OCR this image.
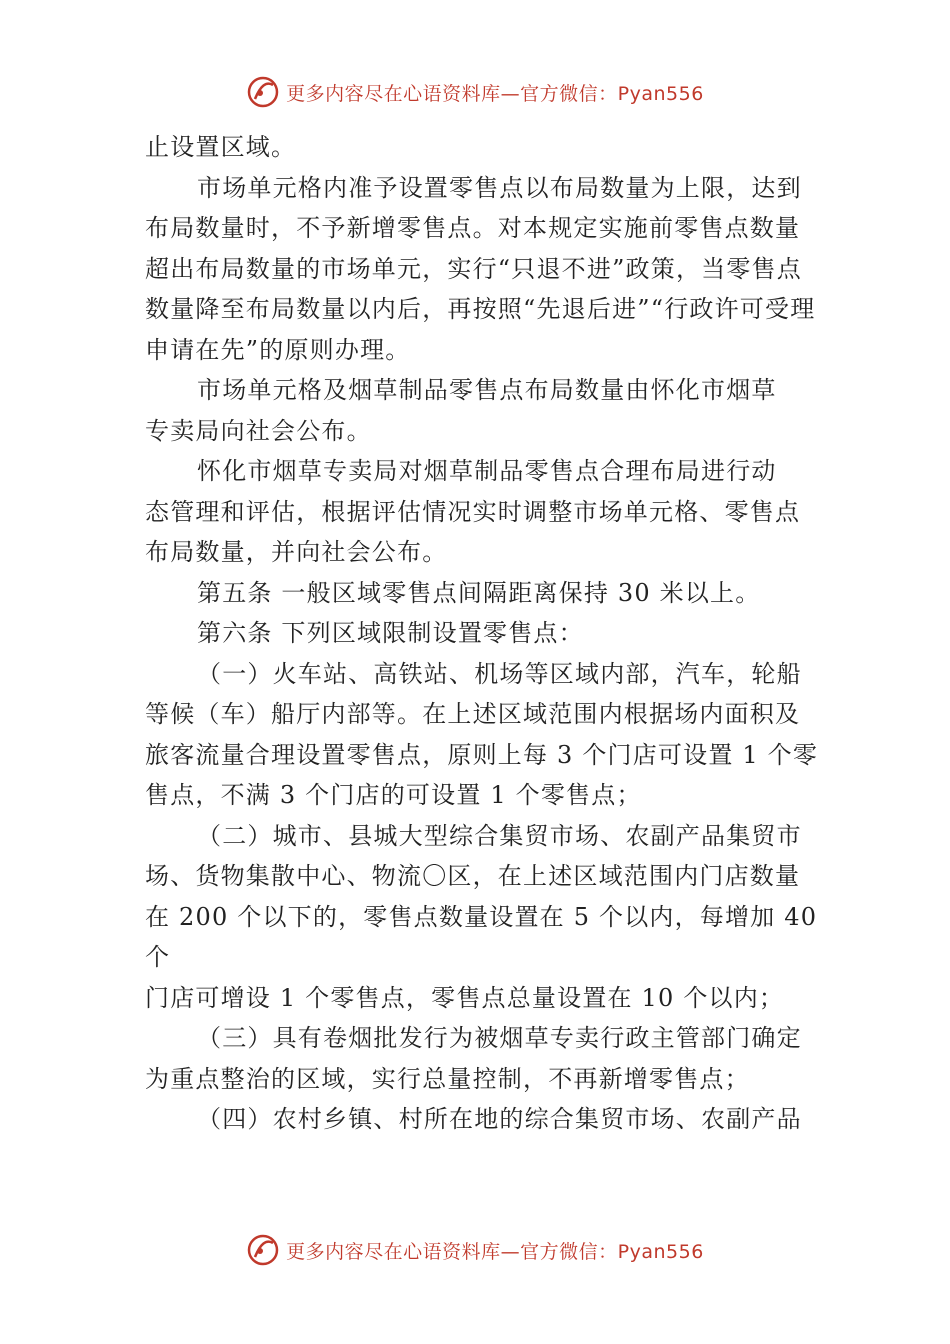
更多内容尽在心语资料库—官方微信：Pyan556

止设置区域。

市场单元格内准予设置零售点以布局数量为上限，达到

布局数量时，不予新增零售点。对本规定实施前零售点数量

超出布局数量的市场单元，实行“只退不进”政策，当零售点

数量降至布局数量以内后，再按照“先退后进”“行政许可受理

申请在先”的原则办理。

市场单元格及烟草制品零售点布局数量由怀化市烟草

专卖局向社会公布。

怀化市烟草专卖局对烟草制品零售点合理布局进行动

态管理和评估，根据评估情况实时调整市场单元格、零售点

布局数量，并向社会公布。

第五条 一般区域零售点间隔距离保持 30 米以上。

第六条 下列区域限制设置零售点：

（一）火车站、高铁站、机场等区域内部，汽车，轮船

等候（车）船厅内部等。在上述区域范围内根据场内面积及

旅客流量合理设置零售点，原则上每 3 个门店可设置 1 个零

售点，不满 3 个门店的可设置 1 个零售点；

（二）城市、县城大型综合集贸市场、农副产品集贸市

场、货物集散中心、物流〇区，在上述区域范围内门店数量

在 200 个以下的，零售点数量设置在 5 个以内，每增加 40

个

门店可增设 1 个零售点，零售点总量设置在 10 个以内；

（三）具有卷烟批发行为被烟草专卖行政主管部门确定

为重点整治的区域，实行总量控制，不再新增零售点；

（四）农村乡镇、村所在地的综合集贸市场、农副产品

更多内容尽在心语资料库—官方微信：Pyan556
